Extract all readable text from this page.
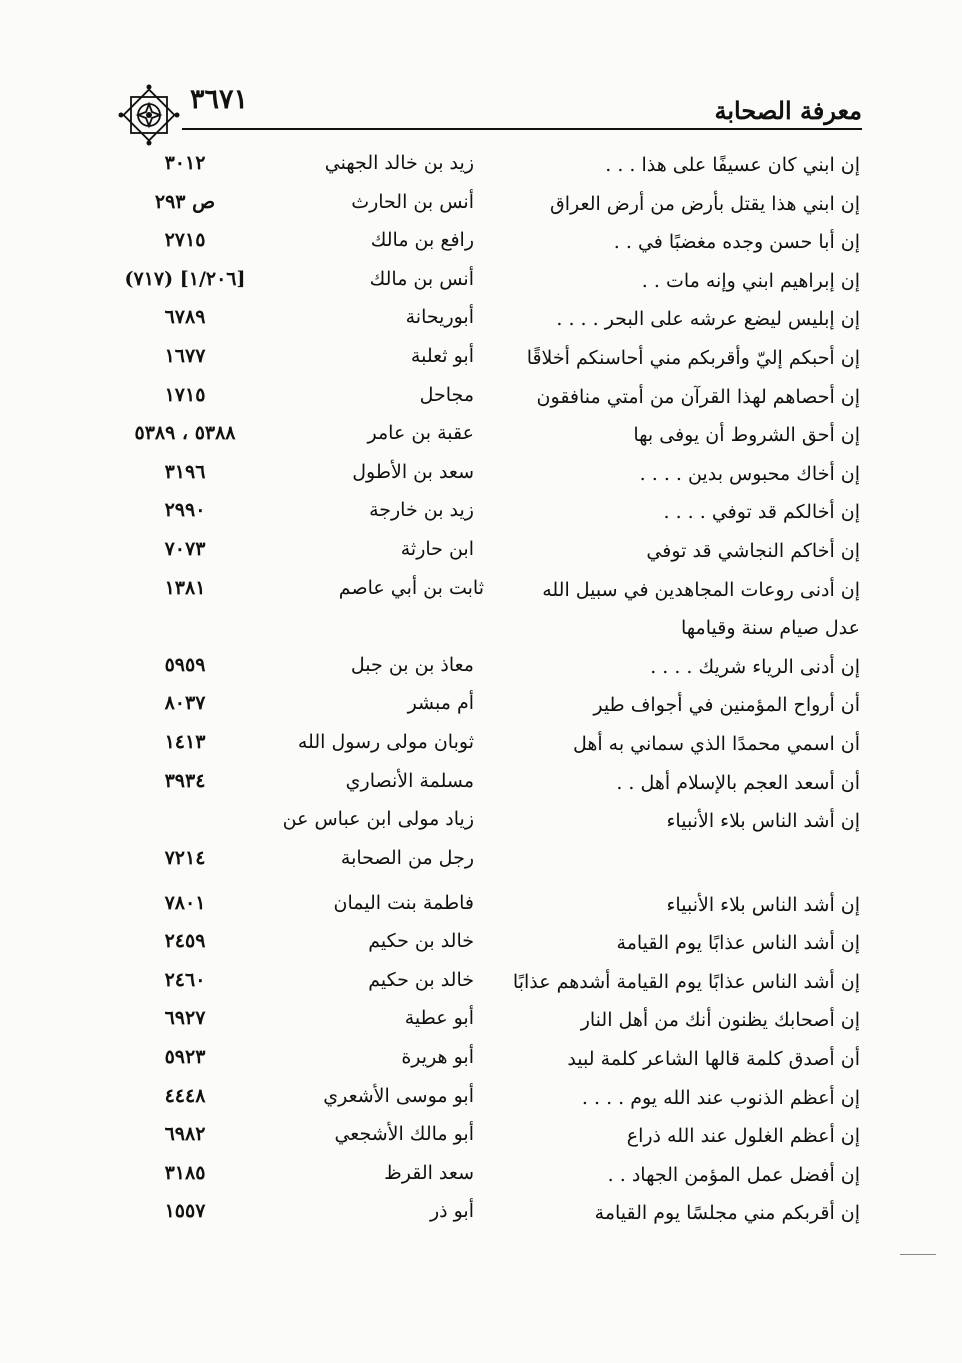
معرفة الصحابة
٣٦٧١
إن ابني كان عسيفًا على هذا . . .
زيد بن خالد الجهني
٣٠١٢
إن ابني هذا يقتل بأرض من أرض العراق
أنس بن الحارث
ص ٢٩٣
إن أبا حسن وجده مغضبًا في . .
رافع بن مالك
٢٧١٥
إن إبراهيم ابني وإنه مات . .
أنس بن مالك
[١/٢٠٦] (٧١٧)
إن إبليس ليضع عرشه على البحر . . . .
أبوريحانة
٦٧٨٩
إن أحبكم إليّ وأقربكم مني أحاسنكم أخلاقًا
أبو ثعلبة
١٦٧٧
إن أحصاهم لهذا القرآن من أمتي منافقون
مجاحل
١٧١٥
إن أحق الشروط أن يوفى بها
عقبة بن عامر
٥٣٨٨ ، ٥٣٨٩
إن أخاك محبوس بدين . . . .
سعد بن الأطول
٣١٩٦
إن أخالكم قد توفي . . . .
زيد بن خارجة
٢٩٩٠
إن أخاكم النجاشي قد توفي
ابن حارثة
٧٠٧٣
إن أدنى روعات المجاهدين في سبيل الله
ثابت بن أبي عاصم
١٣٨١
عدل صيام سنة وقيامها
إن أدنى الرياء شريك . . . .
معاذ بن بن جبل
٥٩٥٩
أن أرواح المؤمنين في أجواف طير
أم مبشر
٨٠٣٧
أن اسمي محمدًا الذي سماني به أهل
ثوبان مولى رسول الله
١٤١٣
أن أسعد العجم بالإسلام أهل . .
مسلمة الأنصاري
٣٩٣٤
إن أشد الناس بلاء الأنبياء
زياد مولى ابن عباس عن
رجل من الصحابة
٧٢١٤
إن أشد الناس بلاء الأنبياء
فاطمة بنت اليمان
٧٨٠١
إن أشد الناس عذابًا يوم القيامة
خالد بن حكيم
٢٤٥٩
إن أشد الناس عذابًا يوم القيامة أشدهم عذابًا
خالد بن حكيم
٢٤٦٠
إن أصحابك يظنون أنك من أهل النار
أبو عطية
٦٩٢٧
أن أصدق كلمة قالها الشاعر كلمة لبيد
أبو هريرة
٥٩٢٣
إن أعظم الذنوب عند الله يوم . . . .
أبو موسى الأشعري
٤٤٤٨
إن أعظم الغلول عند الله ذراع
أبو مالك الأشجعي
٦٩٨٢
إن أفضل عمل المؤمن الجهاد . .
سعد القرظ
٣١٨٥
إن أقربكم مني مجلسًا يوم القيامة
أبو ذر
١٥٥٧
